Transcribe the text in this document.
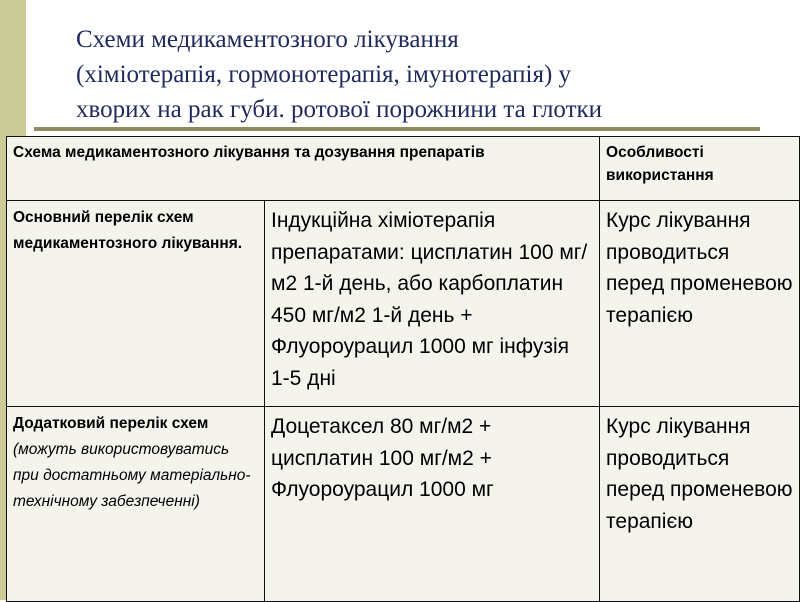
Схеми медикаментозного лікування
(хіміотерапія, гормонотерапія, імунотерапія) у
хворих на рак губи. ротової порожнини та глотки
Схема медикаментозного лікування та дозування препаратів		Особливості використання
Основний перелік схем медикаментозного лікування.	Індукційна хіміотерапія препаратами: цисплатин 100 мг/м2 1-й день, або карбоплатин 450 мг/м2 1-й день + Флуороурацил 1000 мг інфузія 1-5 дні	Курс лікування проводиться перед променевою терапією
Додатковий перелік схем (можуть використовуватись при достатньому матеріально-технічному забезпеченні)	Доцетаксел 80 мг/м2 + цисплатин 100 мг/м2 + Флуороурацил 1000 мг	Курс лікування проводиться перед променевою терапією
